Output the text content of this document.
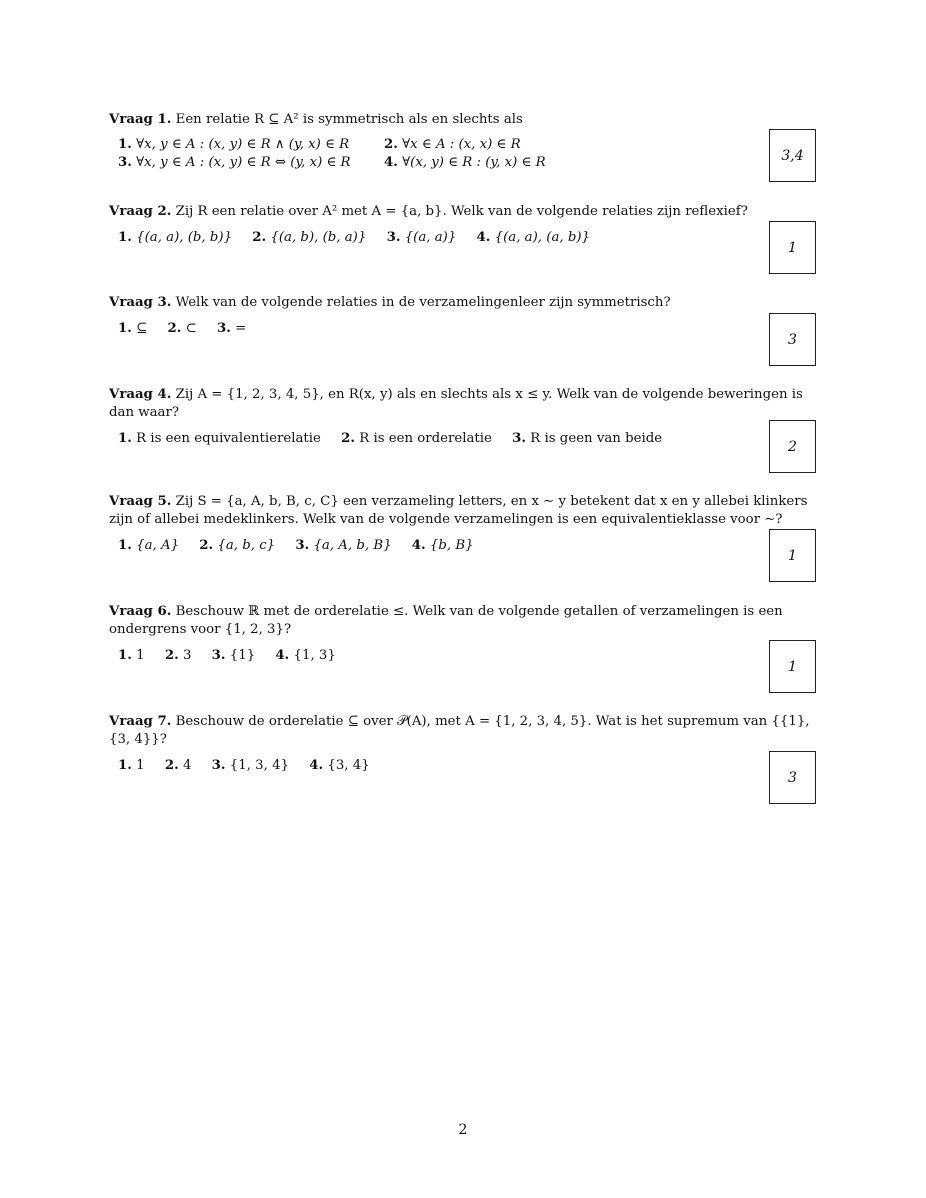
Vraag 1. Een relatie R ⊆ A² is symmetrisch als en slechts als
1. ∀x, y ∈ A : (x, y) ∈ R ∧ (y, x) ∈ R	2. ∀x ∈ A : (x, x) ∈ R
3. ∀x, y ∈ A : (x, y) ∈ R ⇔ (y, x) ∈ R	4. ∀(x, y) ∈ R : (y, x) ∈ R	3,4
Vraag 2. Zij R een relatie over A² met A = {a, b}. Welk van de volgende relaties zijn reflexief?
1. {(a, a), (b, b)} 2. {(a, b), (b, a)} 3. {(a, a)} 4. {(a, a), (a, b)}
1
Vraag 3. Welk van de volgende relaties in de verzamelingenleer zijn symmetrisch?
1. ⊆ 2. ⊂ 3. =
3
Vraag 4. Zij A = {1, 2, 3, 4, 5}, en R(x, y) als en slechts als x ≤ y. Welk van de volgende beweringen is dan waar?
1. R is een equivalentierelatie 2. R is een orderelatie 3. R is geen van beide	2
Vraag 5. Zij S = {a, A, b, B, c, C} een verzameling letters, en x ∼ y betekent dat x en y allebei klinkers zijn of allebei medeklinkers. Welk van de volgende verzamelingen is een equivalentieklasse voor ∼?
1. {a, A} 2. {a, b, c} 3. {a, A, b, B} 4. {b, B}
1
Vraag 6. Beschouw ℝ met de orderelatie ≤. Welk van de volgende getallen of verzamelingen is een ondergrens voor {1, 2, 3}?
1. 1 2. 3 3. {1} 4. {1, 3}
1
Vraag 7. Beschouw de orderelatie ⊆ over 𝒫(A), met A = {1, 2, 3, 4, 5}. Wat is het supremum van {{1}, {3, 4}}?
1. 1 2. 4 3. {1, 3, 4} 4. {3, 4}
3
2
